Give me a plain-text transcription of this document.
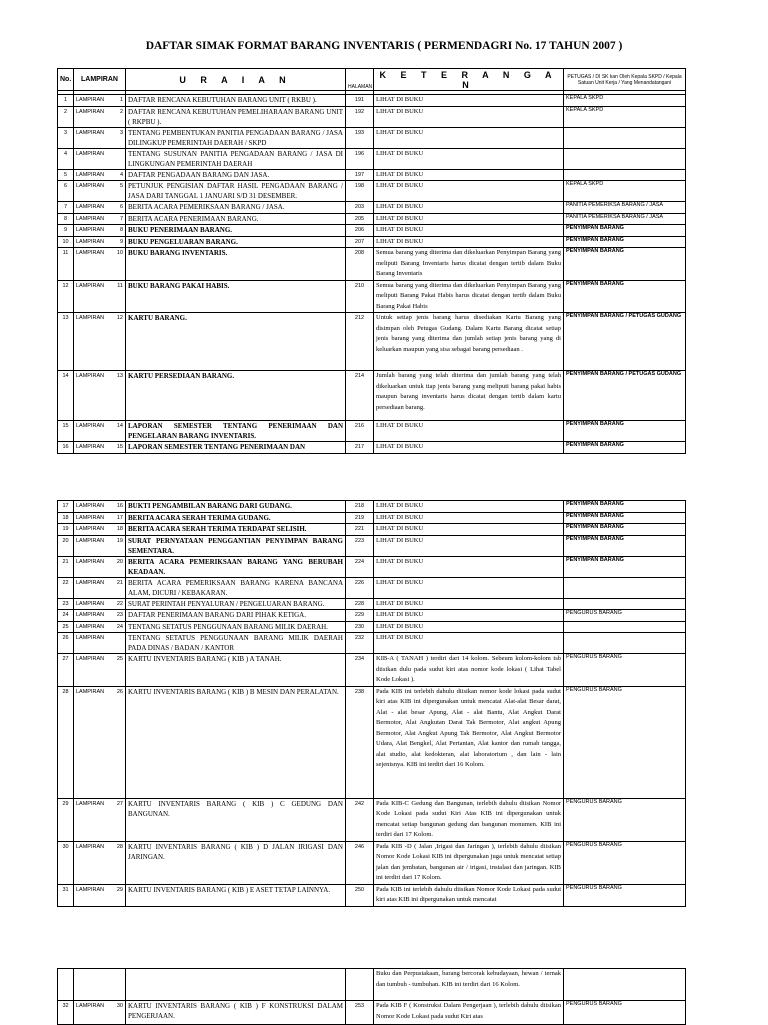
DAFTAR SIMAK FORMAT BARANG INVENTARIS ( PERMENDAGRI No. 17 TAHUN 2007 )
No.	LAMPIRAN	U R A I A N	HALAMAN	K E T E R A N G A N	PETUGAS / DI SK kan Oleh Kepala SKPD / Kepala Satuan Unit Kerja / Yang Menandatangani

1	LAMPIRAN 1	DAFTAR RENCANA KEBUTUHAN BARANG UNIT ( RKBU ).	191	LIHAT DI BUKU	KEPALA SKPD
2	LAMPIRAN 2	DAFTAR RENCANA KEBUTUHAN PEMELIHARAAN BARANG UNIT ( RKPBU ).	192	LIHAT DI BUKU	KEPALA SKPD
3	LAMPIRAN 3	TENTANG PEMBENTUKAN PANITIA PENGADAAN BARANG / JASA DILINGKUP PEMERINTAH DAERAH / SKPD	193	LIHAT DI BUKU	
4	LAMPIRAN	TENTANG SUSUNAN PANITIA PENGADAAN BARANG / JASA DI LINGKUNGAN PEMERINTAH DAERAH	196	LIHAT DI BUKU	
5	LAMPIRAN 4	DAFTAR PENGADAAN BARANG DAN JASA.	197	LIHAT DI BUKU	
6	LAMPIRAN 5	PETUNJUK PENGISIAN DAFTAR HASIL PENGADAAN BARANG / JASA DARI TANGGAL 1 JANUARI S/D 31 DESEMBER.	198	LIHAT DI BUKU	KEPALA SKPD
7	LAMPIRAN 6	BERITA ACARA PEMERIKSAAN BARANG / JASA.	203	LIHAT DI BUKU	PANITIA PEMERIKSA BARANG / JASA
8	LAMPIRAN 7	BERITA ACARA PENERIMAAN BARANG.	205	LIHAT DI BUKU	PANITIA PEMERIKSA BARANG / JASA
9	LAMPIRAN 8	BUKU PENERIMAAN BARANG.	206	LIHAT DI BUKU	PENYIMPAN BARANG
10	LAMPIRAN 9	BUKU PENGELUARAN BARANG.	207	LIHAT DI BUKU	PENYIMPAN BARANG
11	LAMPIRAN 10	BUKU BARANG INVENTARIS.	208	Semua barang yang diterima dan dikeluarkan Penyimpan Barang yang meliputi Barang Inventaris harus dicatat dengan tertib dalam Buku Barang Inventaris	PENYIMPAN BARANG
12	LAMPIRAN 11	BUKU BARANG PAKAI HABIS.	210	Semua barang yang diterima dan dikeluarkan Penyimpan Barang yang meliputi Barang Pakai Habis harus dicatat dengan tertib dalam Buku Barang Pakai Habis	PENYIMPAN BARANG
13	LAMPIRAN 12	KARTU BARANG.	212	Untuk setiap jenis barang harus disediakan Kartu Barang yang disimpan oleh Petugas Gudang. Dalam Kartu Barang dicatat setiap jenis barang yang diterima dan jumlah setiap jenis barang yang di keluarkan maupun yang sisa sebagai barang persediaan .	PENYIMPAN BARANG / PETUGAS GUDANG
14	LAMPIRAN 13	KARTU PERSEDIAAN BARANG.	214	Jumlah barang yang telah diterima dan jumlah barang yang telah dikeluarkan untuk tiap jenis barang yang meliputi barang pakai habis maupun barang inventaris harus dicatat dengan tertib dalam kartu persediaan barang.	PENYIMPAN BARANG / PETUGAS GUDANG
15	LAMPIRAN 14	LAPORAN SEMESTER TENTANG PENERIMAAN DAN PENGELARAN BARANG INVENTARIS.	216	LIHAT DI BUKU	PENYIMPAN BARANG
16	LAMPIRAN 15	LAPORAN SEMESTER TENTANG PENERIMAAN DAN	217	LIHAT DI BUKU	PENYIMPAN BARANG
17	LAMPIRAN 16	BUKTI PENGAMBILAN BARANG DARI GUDANG.	218	LIHAT DI BUKU	PENYIMPAN BARANG
18	LAMPIRAN 17	BERITA ACARA SERAH TERIMA GUDANG.	219	LIHAT DI BUKU	PENYIMPAN BARANG
19	LAMPIRAN 18	BERITA ACARA SERAH TERIMA TERDAPAT SELISIH.	221	LIHAT DI BUKU	PENYIMPAN BARANG
20	LAMPIRAN 19	SURAT PERNYATAAN PENGGANTIAN PENYIMPAN BARANG SEMENTARA.	223	LIHAT DI BUKU	PENYIMPAN BARANG
21	LAMPIRAN 20	BERITA ACARA PEMERIKSAAN BARANG YANG BERUBAH KEADAAN.	224	LIHAT DI BUKU	PENYIMPAN BARANG
22	LAMPIRAN 21	BERITA ACARA PEMERIKSAAN BARANG KARENA BANCANA ALAM, DICURI / KEBAKARAN.	226	LIHAT DI BUKU	
23	LAMPIRAN 22	SURAT PERINTAH PENYALURAN / PENGELUARAN BARANG.	228	LIHAT DI BUKU	
24	LAMPIRAN 23	DAFTAR PENERIMAAN BARANG DARI PIHAK KETIGA.	229	LIHAT DI BUKU	PENGURUS BARANG
25	LAMPIRAN 24	TENTANG SETATUS PENGGUNAAN BARANG MILIK DAERAH.	230	LIHAT DI BUKU	
26	LAMPIRAN	TENTANG SETATUS PENGGUNAAN BARANG MILIK DAERAH PADA DINAS / BADAN / KANTOR	232	LIHAT DI BUKU	
27	LAMPIRAN 25	KARTU INVENTARIS BARANG ( KIB ) A TANAH.	234	KIB-A ( TANAH ) terdiri dari 14 kolom. Sebeum kolom-kolom tsb diisikan dulu pada sudut kiri atas nomor kode lokasi ( Lihat Tabel Kode Lokasi ).	PENGURUS BARANG
28	LAMPIRAN 26	KARTU INVENTARIS BARANG ( KIB ) B MESIN DAN PERALATAN.	238	Pada KIB ini terlebih dahulu diisikan nomor kode lokasi pada sudut kiri atas KIB ini dipergunakan untuk mencatat Alat-alat Besar darat, Alat - alat besar Apung, Alat - alat Bantu, Alat Angkut Darat Bermotor, Alat Angkutan Darat Tak Bermotor, Alat angkut Apung Bermotor, Alat Angkut Apung Tak Bermotor, Alat Angkut Bermotor Udara, Alat Bengkel, Alat Pertanian, Alat kantor dan rumah tangga, alat studio, alat kedokteran, alat laboratorium , dan lain - lain sejenisnya. KIB ini terdiri dari 16 Kolom.	PENGURUS BARANG
29	LAMPIRAN 27	KARTU INVENTARIS BARANG ( KIB ) C GEDUNG DAN BANGUNAN.	242	Pada KIB-C Gedung dan Bangunan, terlebih dahulu diisikan Nomor Kode Lokasi pada sudut Kiri Atas KIB ini dipergunakan untuk mencatat setiap bangunan gedung dan bangunan monumen. KIB ini terdiri dari 17 Kolom.	PENGURUS BARANG
30	LAMPIRAN 28	KARTU INVENTARIS BARANG ( KIB ) D JALAN IRIGASI DAN JARINGAN.	246	Pada KIB -D ( Jalan ,Irigasi dan Jaringan ), terlebih dahulu diisikan Nomor Kode Lokasi KIB ini dipergunakan juga untuk mencatat setiap jalan dan jembatan, bangunan air / irigasi, instalasi dan jaringan. KIB ini terdiri dari 17 Kolom.	PENGURUS BARANG
31	LAMPIRAN 29	KARTU INVENTARIS BARANG ( KIB ) E ASET TETAP LAINNYA.	250	Pada KIB ini terlebih dahulu diisikan Nomor Kode Lokasi pada sudut kiri atas KIB ini dipergunakan untuk mencatat	PENGURUS BARANG
				Buku dan Perpustakaan, barang bercorak kebudayaan, hewan / ternak dan tumbuh - tumbuhan. KIB ini terdiri dari 16 Kolom.	
32	LAMPIRAN 30	KARTU INVENTARIS BARANG ( KIB ) F KONSTRUKSI DALAM PENGERJAAN.	253	Pada KIB F ( Konstruksi Dalam Pengerjaan ), terlebih dahulu diisikan Nomor Kode Lokasi pada sudut Kiri atas	PENGURUS BARANG
